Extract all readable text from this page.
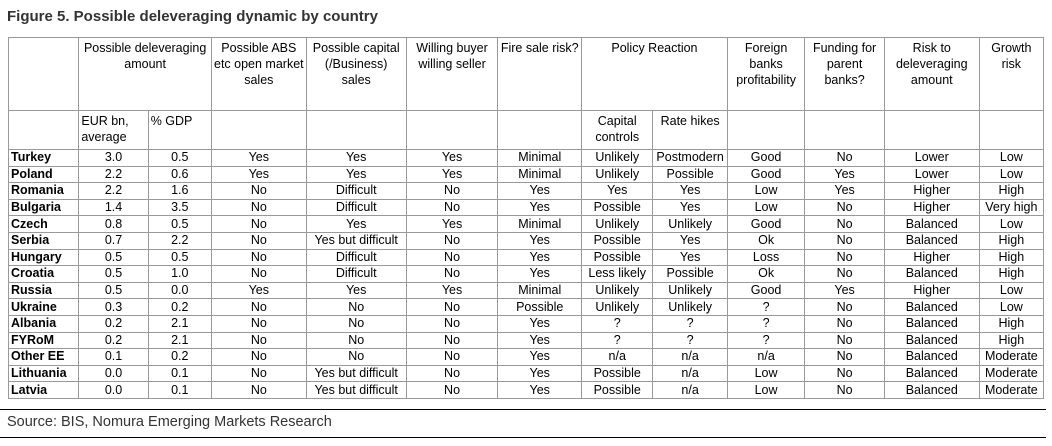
Figure 5. Possible deleveraging dynamic by country
	Possible deleveraging amount		Possible ABS etc open market sales	Possible capital (/Business) sales	Willing buyer willing seller	Fire sale risk?	Policy Reaction		Foreign banks profitability	Funding for parent banks?	Risk to deleveraging amount	Growth risk
	EUR bn, average	% GDP					Capital controls	Rate hikes				
Turkey	3.0	0.5	Yes	Yes	Yes	Minimal	Unlikely	Postmodern	Good	No	Lower	Low
Poland	2.2	0.6	Yes	Yes	Yes	Minimal	Unlikely	Possible	Good	Yes	Lower	Low
Romania	2.2	1.6	No	Difficult	No	Yes	Yes	Yes	Low	Yes	Higher	High
Bulgaria	1.4	3.5	No	Difficult	No	Yes	Possible	Yes	Low	No	Higher	Very high
Czech	0.8	0.5	No	Yes	Yes	Minimal	Unlikely	Unlikely	Good	No	Balanced	Low
Serbia	0.7	2.2	No	Yes but difficult	No	Yes	Possible	Yes	Ok	No	Balanced	High
Hungary	0.5	0.5	No	Difficult	No	Yes	Possible	Yes	Loss	No	Higher	High
Croatia	0.5	1.0	No	Difficult	No	Yes	Less likely	Possible	Ok	No	Balanced	High
Russia	0.5	0.0	Yes	Yes	Yes	Minimal	Unlikely	Unlikely	Good	Yes	Higher	Low
Ukraine	0.3	0.2	No	No	No	Possible	Unlikely	Unlikely	?	No	Balanced	Low
Albania	0.2	2.1	No	No	No	Yes	?	?	?	No	Balanced	High
FYRoM	0.2	2.1	No	No	No	Yes	?	?	?	No	Balanced	High
Other EE	0.1	0.2	No	No	No	Yes	n/a	n/a	n/a	No	Balanced	Moderate
Lithuania	0.0	0.1	No	Yes but difficult	No	Yes	Possible	n/a	Low	No	Balanced	Moderate
Latvia	0.0	0.1	No	Yes but difficult	No	Yes	Possible	n/a	Low	No	Balanced	Moderate
Source: BIS, Nomura Emerging Markets Research
